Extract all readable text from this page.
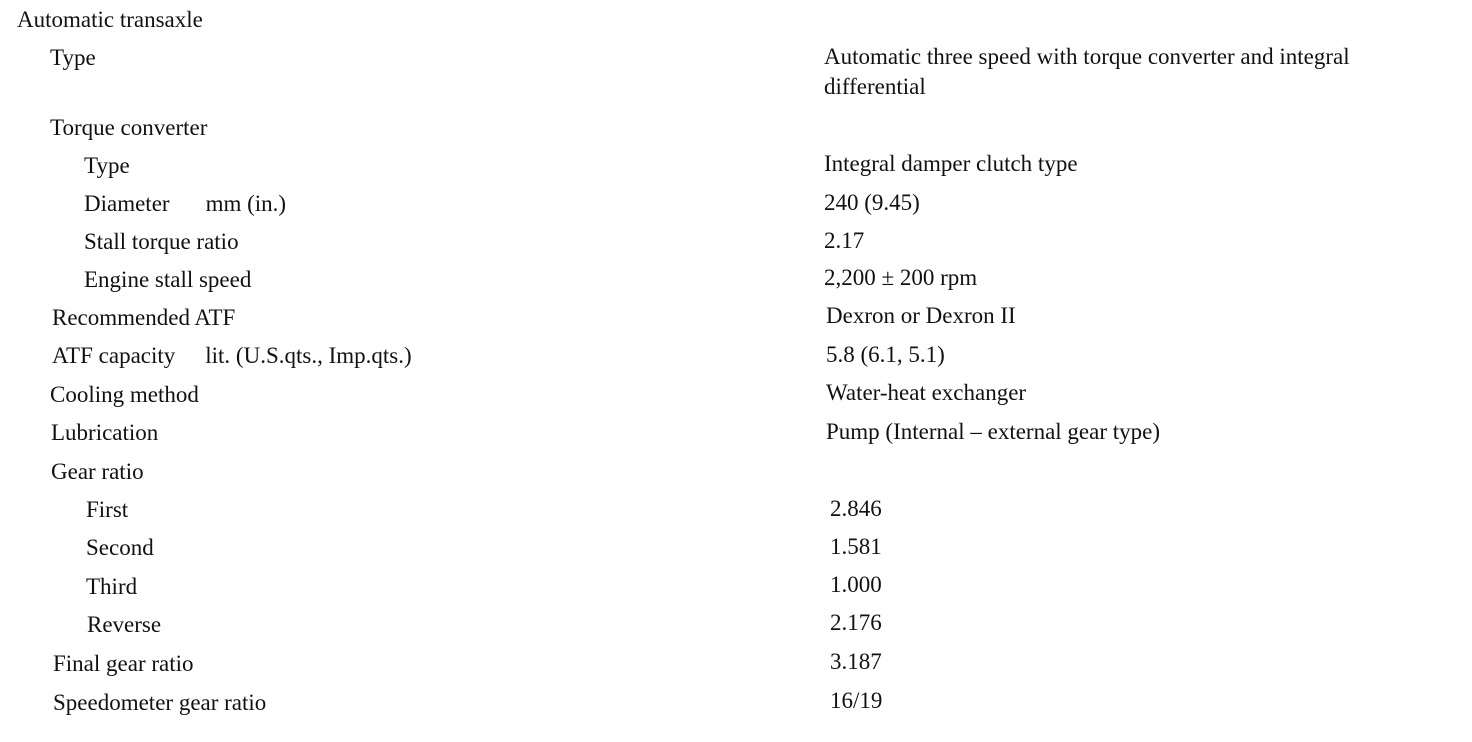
Automatic transaxle
Type	Automatic three speed with torque converter and integral differential
Torque converter
Type	Integral damper clutch type
Diameter mm (in.)	240 (9.45)
Stall torque ratio	2.17
Engine stall speed	2,200 ± 200 rpm
Recommended ATF	Dexron or Dexron II
ATF capacity lit. (U.S.qts., Imp.qts.)	5.8 (6.1, 5.1)
Cooling method	Water-heat exchanger
Lubrication	Pump (Internal – external gear type)
Gear ratio
First	2.846
Second	1.581
Third	1.000
Reverse	2.176
Final gear ratio	3.187
Speedometer gear ratio	16/19
